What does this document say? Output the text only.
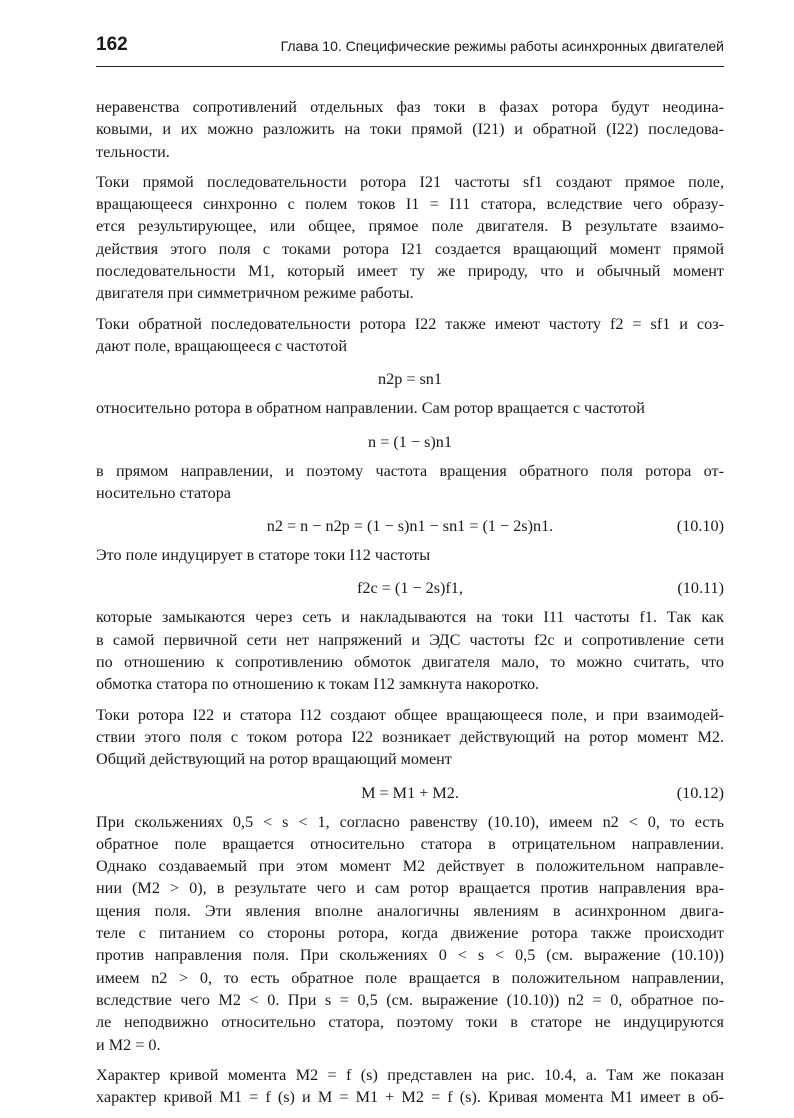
162	Глава 10. Специфические режимы работы асинхронных двигателей
неравенства сопротивлений отдельных фаз токи в фазах ротора будут неодина-
ковыми, и их можно разложить на токи прямой (I21) и обратной (I22) последова-
тельности.
Токи прямой последовательности ротора I21 частоты sf1 создают прямое поле,
вращающееся синхронно с полем токов I1 = I11 статора, вследствие чего образу-
ется результирующее, или общее, прямое поле двигателя. В результате взаимо-
действия этого поля с токами ротора I21 создается вращающий момент прямой
последовательности M1, который имеет ту же природу, что и обычный момент
двигателя при симметричном режиме работы.
Токи обратной последовательности ротора I22 также имеют частоту f2 = sf1 и соз-
дают поле, вращающееся с частотой
n2р = sn1
относительно ротора в обратном направлении. Сам ротор вращается с частотой
n = (1 − s)n1
в прямом направлении, и поэтому частота вращения обратного поля ротора от-
носительно статора
n2 = n − n2р = (1 − s)n1 − sn1 = (1 − 2s)n1.	(10.10)
Это поле индуцирует в статоре токи I12 частоты
f2с = (1 − 2s)f1,	(10.11)
которые замыкаются через сеть и накладываются на токи I11 частоты f1. Так как
в самой первичной сети нет напряжений и ЭДС частоты f2c и сопротивление сети
по отношению к сопротивлению обмоток двигателя мало, то можно считать, что
обмотка статора по отношению к токам I12 замкнута накоротко.
Токи ротора I22 и статора I12 создают общее вращающееся поле, и при взаимодей-
ствии этого поля с током ротора I22 возникает действующий на ротор момент M2.
Общий действующий на ротор вращающий момент
M = M1 + M2.	(10.12)
При скольжениях 0,5 < s < 1, согласно равенству (10.10), имеем n2 < 0, то есть
обратное поле вращается относительно статора в отрицательном направлении.
Однако создаваемый при этом момент M2 действует в положительном направле-
нии (M2 > 0), в результате чего и сам ротор вращается против направления вра-
щения поля. Эти явления вполне аналогичны явлениям в асинхронном двига-
теле с питанием со стороны ротора, когда движение ротора также происходит
против направления поля. При скольжениях 0 < s < 0,5 (см. выражение (10.10))
имеем n2 > 0, то есть обратное поле вращается в положительном направлении,
вследствие чего M2 < 0. При s = 0,5 (см. выражение (10.10)) n2 = 0, обратное по-
ле неподвижно относительно статора, поэтому токи в статоре не индуцируются
и M2 = 0.
Характер кривой момента M2 = f (s) представлен на рис. 10.4, а. Там же показан
характер кривой M1 = f (s) и M = M1 + M2 = f (s). Кривая момента M1 имеет в об-
